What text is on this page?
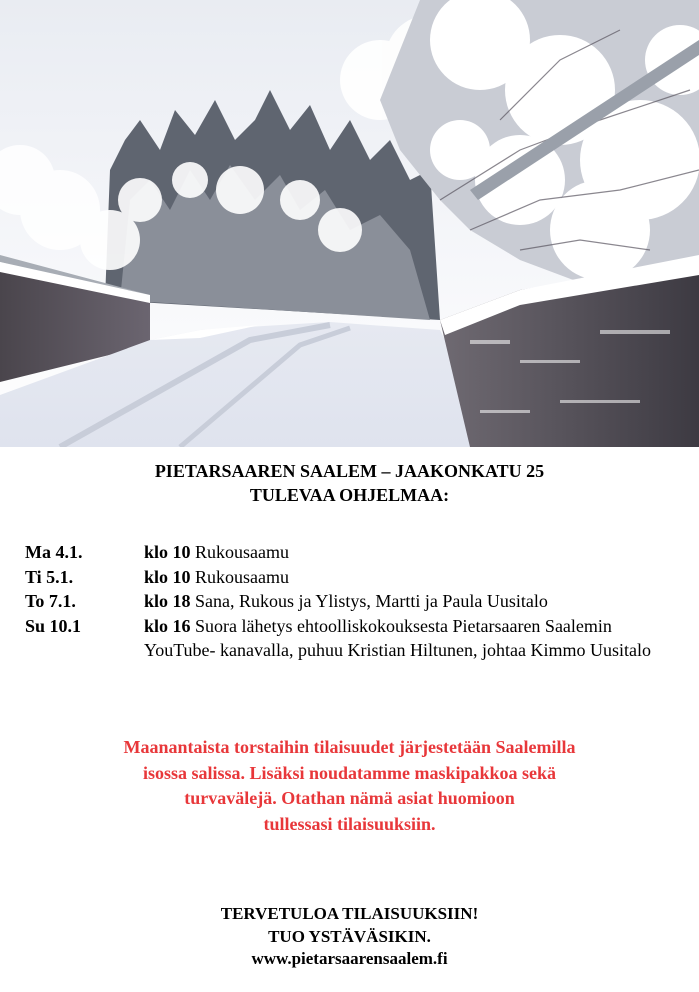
PIETARSAAREN SAALEM – JAAKONKATU 25
TULEVAA OHJELMAA:
Ma 4.1.	klo 10 Rukousaamu
Ti 5.1.	klo 10 Rukousaamu
To 7.1.	klo 18 Sana, Rukous ja Ylistys, Martti ja Paula Uusitalo
Su 10.1	klo 16 Suora lähetys ehtoolliskokouksesta Pietarsaaren Saalemin YouTube- kanavalla, puhuu Kristian Hiltunen, johtaa Kimmo Uusitalo
Maanantaista torstaihin tilaisuudet järjestetään Saalemilla
isossa salissa. Lisäksi noudatamme maskipakkoa sekä
turvavälejä. Otathan nämä asiat huomioon
tullessasi tilaisuuksiin.
TERVETULOA TILAISUUKSIIN!
TUO YSTÄVÄSIKIN.
www.pietarsaarensaalem.fi
